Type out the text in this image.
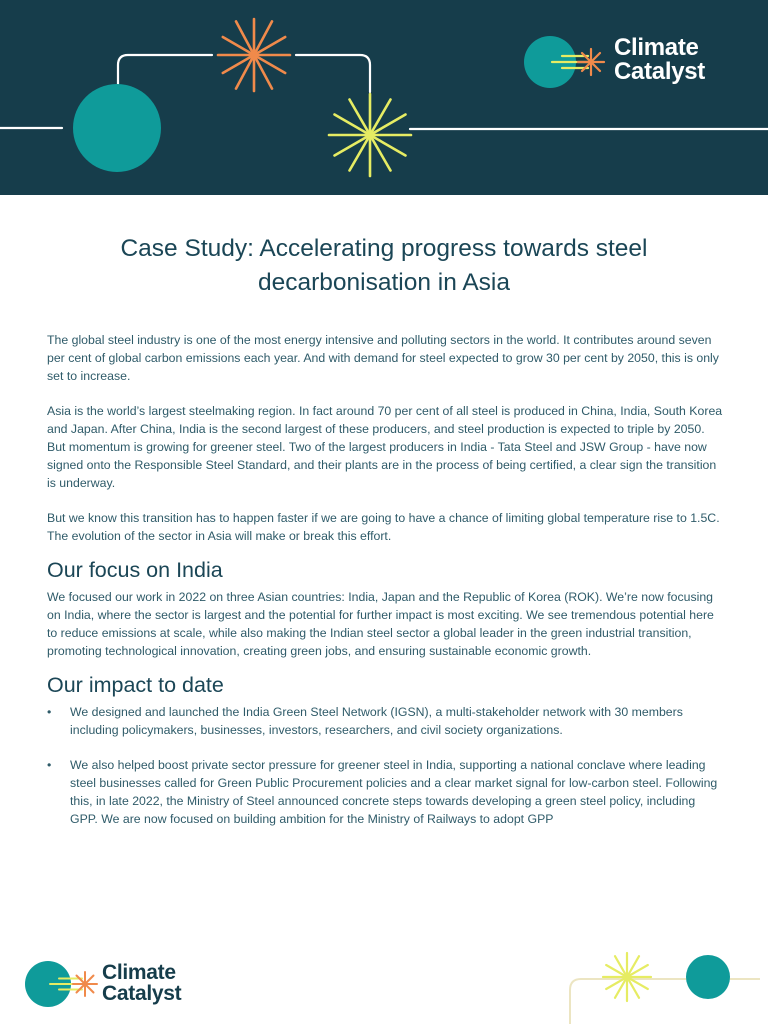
Climate
Catalyst
Case Study: Accelerating progress towards steel decarbonisation in Asia

The global steel industry is one of the most energy intensive and polluting sectors in the world. It contributes around seven per cent of global carbon emissions each year. And with demand for steel expected to grow 30 per cent by 2050, this is only set to increase.

Asia is the world’s largest steelmaking region. In fact around 70 per cent of all steel is produced in China, India, South Korea and Japan. After China, India is the second largest of these producers, and steel production is expected to triple by 2050. But momentum is growing for greener steel. Two of the largest producers in India - Tata Steel and JSW Group - have now signed onto the Responsible Steel Standard, and their plants are in the process of being certified, a clear sign the transition is underway.

But we know this transition has to happen faster if we are going to have a chance of limiting global temperature rise to 1.5C. The evolution of the sector in Asia will make or break this effort.

Our focus on India

We focused our work in 2022 on three Asian countries: India, Japan and the Republic of Korea (ROK). We’re now focusing on India, where the sector is largest and the potential for further impact is most exciting. We see tremendous potential here to reduce emissions at scale, while also making the Indian steel sector a global leader in the green industrial transition, promoting technological innovation, creating green jobs, and ensuring sustainable economic growth.

Our impact to date
• We designed and launched the India Green Steel Network (IGSN), a multi-stakeholder network with 30 members including policymakers, businesses, investors, researchers, and civil society organizations.
• We also helped boost private sector pressure for greener steel in India, supporting a national conclave where leading steel businesses called for Green Public Procurement policies and a clear market signal for low-carbon steel. Following this, in late 2022, the Ministry of Steel announced concrete steps towards developing a green steel policy, including GPP. We are now focused on building ambition for the Ministry of Railways to adopt GPP
Climate
Catalyst
